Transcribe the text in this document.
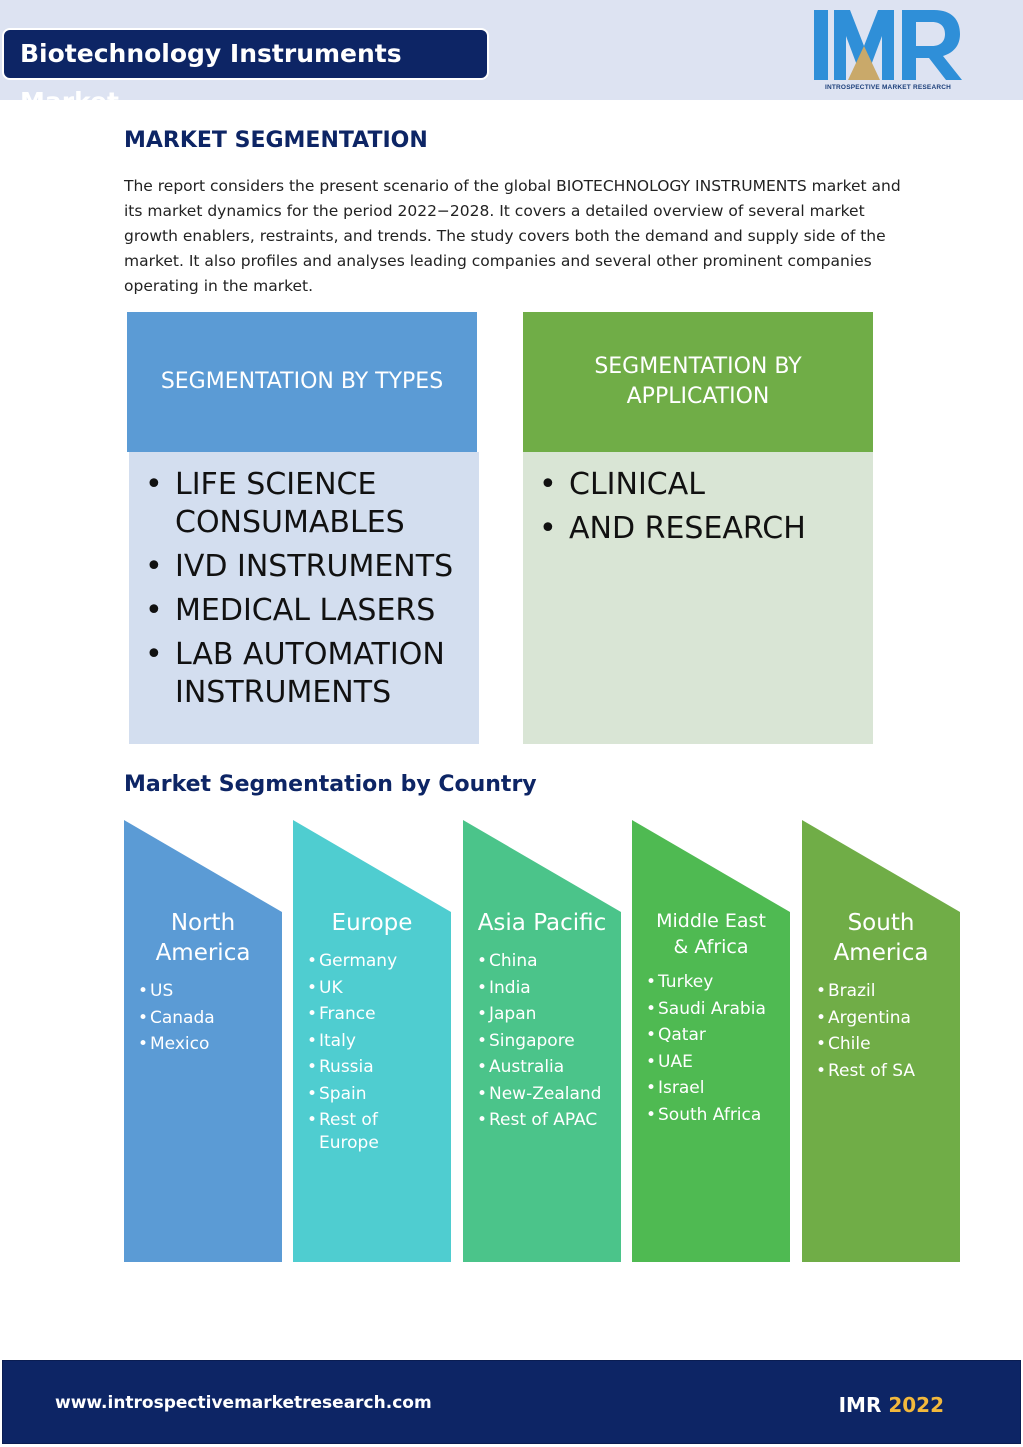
Biotechnology Instruments Market	INTROSPECTIVE MARKET RESEARCH
MARKET SEGMENTATION
The report considers the present scenario of the global BIOTECHNOLOGY INSTRUMENTS market and its market dynamics for the period 2022−2028. It covers a detailed overview of several market growth enablers, restraints, and trends. The study covers both the demand and supply side of the market. It also profiles and analyses leading companies and several other prominent companies operating in the market.
SEGMENTATION BY TYPES
• LIFE SCIENCE CONSUMABLES
• IVD INSTRUMENTS
• MEDICAL LASERS
• LAB AUTOMATION INSTRUMENTS
SEGMENTATION BY APPLICATION
• CLINICAL
• AND RESEARCH
Market Segmentation by Country
North America
• US
• Canada
• Mexico
Europe
• Germany
• UK
• France
• Italy
• Russia
• Spain
• Rest of Europe
Asia Pacific
• China
• India
• Japan
• Singapore
• Australia
• New-Zealand
• Rest of APAC
Middle East & Africa
• Turkey
• Saudi Arabia
• Qatar
• UAE
• Israel
• South Africa
South America
• Brazil
• Argentina
• Chile
• Rest of SA
www.introspectivemarketresearch.com	IMR 2022
